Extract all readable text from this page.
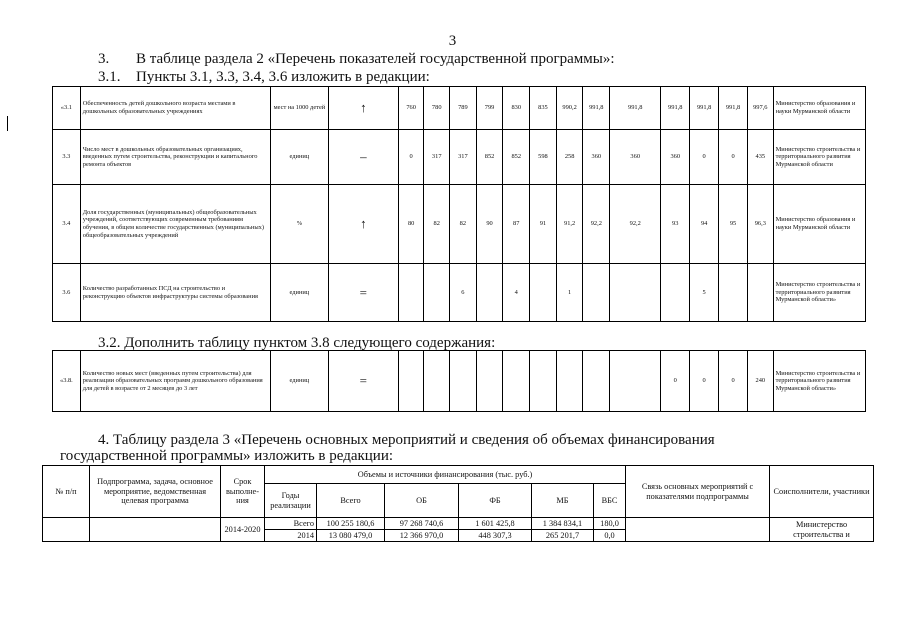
3
3. В таблице раздела 2 «Перечень показателей государственной программы»:
3.1. Пункты 3.1, 3.3, 3.4, 3.6 изложить в редакции:
«3.1	Обеспеченность детей дошкольного возраста местами в дошкольных образовательных учреждениях	мест на 1000 детей	↑	760	780	789	799	830	835	990,2	991,8	991,8	991,8	991,8	991,8	997,6	Министерство образования и науки Мурманской области
3.3	Число мест в дошкольных образовательных организациях, введенных путем строительства, реконструкции и капитального ремонта объектов	единиц	–	0	317	317	852	852	598	258	360	360	360	0	0	435	Министерство строительства и территориального развития Мурманской области
3.4	Доля государственных (муниципальных) общеобразовательных учреждений, соответствующих современным требованиям обучения, в общем количестве государственных (муниципальных) общеобразовательных учреждений	%	↑	80	82	82	90	87	91	91,2	92,2	92,2	93	94	95	96,3	Министерство образования и науки Мурманской области
3.6	Количество разработанных ПСД на строительство и реконструкцию объектов инфраструктуры системы образования	единиц	=			6		4		1				5			Министерство строительства и территориального развития Мурманской области»
3.2. Дополнить таблицу пунктом 3.8 следующего содержания:
«3.8.	Количество новых мест (введенных путем строительства) для реализации образовательных программ дошкольного образования для детей в возрасте от 2 месяцев до 3 лет	единиц	=										0	0	0	240	Министерство строительства и территориального развития Мурманской области»
4. Таблицу раздела 3 «Перечень основных мероприятий и сведения об объемах финансирования
государственной программы» изложить в редакции:
№ п/п	Подпрограмма, задача, основное мероприятие, ведомственная целевая программа	Срок выполне-ния	Объемы и источники финансирования (тыс. руб.)						Связь основных мероприятий с показателями подпрограммы	Соисполнители, участники
			Годы реализации	Всего	ОБ	ФБ	МБ	ВБС		
		2014-2020	Всего	100 255 180,6	97 268 740,6	1 601 425,8	1 384 834,1	180,0		Министерство строительства и
			2014	13 080 479,0	12 366 970,0	448 307,3	265 201,7	0,0		
